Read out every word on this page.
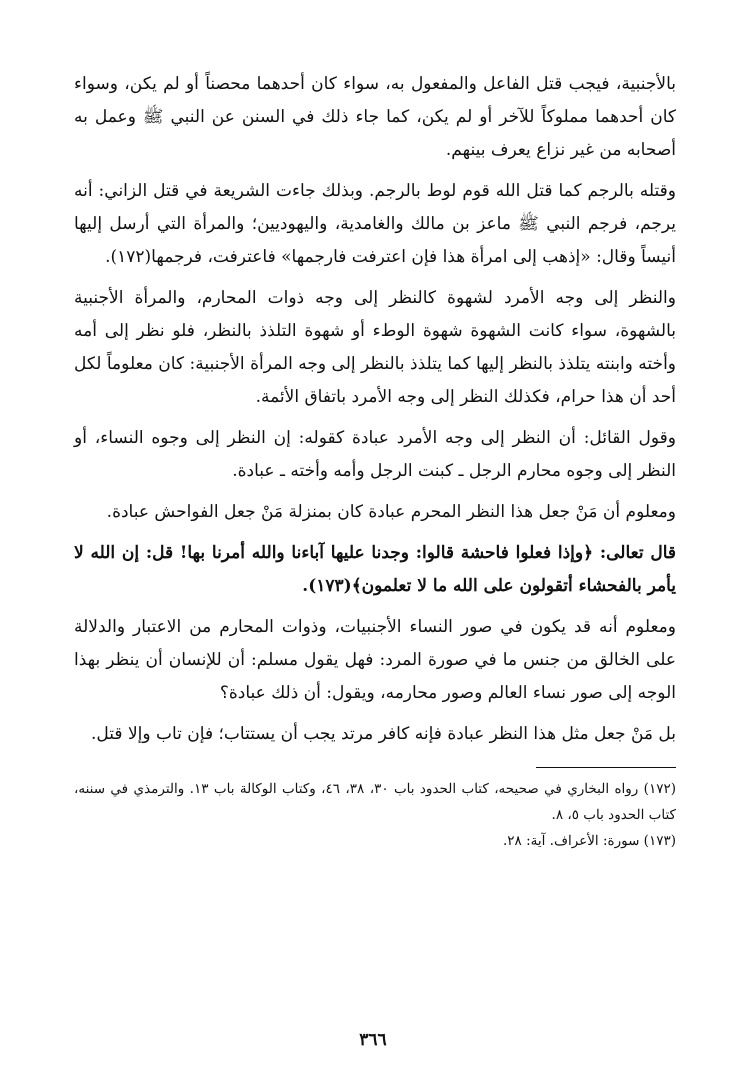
بالأجنبية، فيجب قتل الفاعل والمفعول به، سواء كان أحدهما محصناً أو لم يكن، وسواء كان أحدهما مملوكاً للآخر أو لم يكن، كما جاء ذلك في السنن عن النبي ﷺ وعمل به أصحابه من غير نزاع يعرف بينهم.

وقتله بالرجم كما قتل الله قوم لوط بالرجم. وبذلك جاءت الشريعة في قتل الزاني: أنه يرجم، فرجم النبي ﷺ ماعز بن مالك والغامدية، واليهوديين؛ والمرأة التي أرسل إليها أنيساً وقال: «إذهب إلى امرأة هذا فإن اعترفت فارجمها» فاعترفت، فرجمها(١٧٢).

والنظر إلى وجه الأمرد لشهوة كالنظر إلى وجه ذوات المحارم، والمرأة الأجنبية بالشهوة، سواء كانت الشهوة شهوة الوطء أو شهوة التلذذ بالنظر، فلو نظر إلى أمه وأخته وابنته يتلذذ بالنظر إليها كما يتلذذ بالنظر إلى وجه المرأة الأجنبية: كان معلوماً لكل أحد أن هذا حرام، فكذلك النظر إلى وجه الأمرد باتفاق الأئمة.

وقول القائل: أن النظر إلى وجه الأمرد عبادة كقوله: إن النظر إلى وجوه النساء، أو النظر إلى وجوه محارم الرجل ـ كبنت الرجل وأمه وأخته ـ عبادة.

ومعلوم أن مَنْ جعل هذا النظر المحرم عبادة كان بمنزلة مَنْ جعل الفواحش عبادة.

قال تعالى: ﴿وإذا فعلوا فاحشة قالوا: وجدنا عليها آباءنا والله أمرنا بها! قل: إن الله لا يأمر بالفحشاء أتقولون على الله ما لا تعلمون﴾(١٧٣).

ومعلوم أنه قد يكون في صور النساء الأجنبيات، وذوات المحارم من الاعتبار والدلالة على الخالق من جنس ما في صورة المرد: فهل يقول مسلم: أن للإنسان أن ينظر بهذا الوجه إلى صور نساء العالم وصور محارمه، ويقول: أن ذلك عبادة؟

بل مَنْ جعل مثل هذا النظر عبادة فإنه كافر مرتد يجب أن يستتاب؛ فإن تاب وإلا قتل.

(١٧٢) رواه البخاري في صحيحه، كتاب الحدود باب ٣٠، ٣٨، ٤٦، وكتاب الوكالة باب ١٣. والترمذي في سننه، كتاب الحدود باب ٥، ٨.

(١٧٣) سورة: الأعراف. آية: ٢٨.

٣٦٦
